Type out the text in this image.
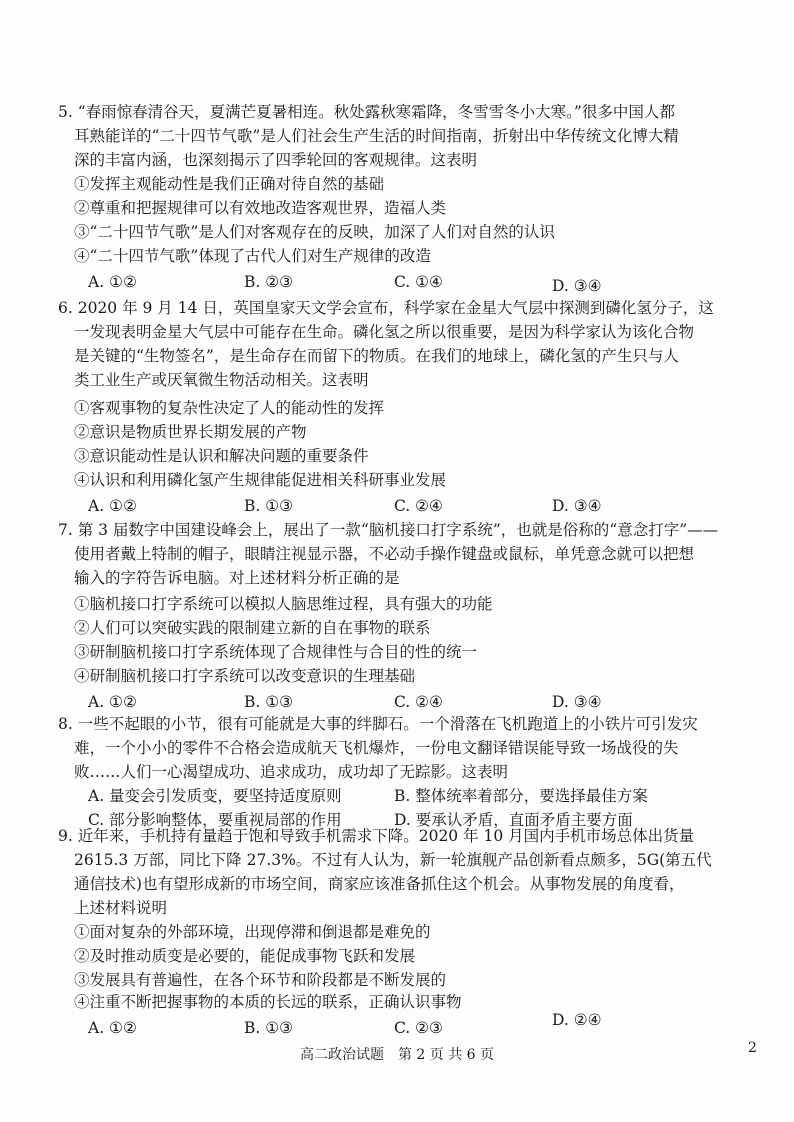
5. “春雨惊春清谷天，夏满芒夏暑相连。秋处露秋寒霜降，冬雪雪冬小大寒。”很多中国人都
耳熟能详的“二十四节气歌”是人们社会生产生活的时间指南，折射出中华传统文化博大精
深的丰富内涵，也深刻揭示了四季轮回的客观规律。这表明
①发挥主观能动性是我们正确对待自然的基础
②尊重和把握规律可以有效地改造客观世界，造福人类
③“二十四节气歌”是人们对客观存在的反映，加深了人们对自然的认识
④“二十四节气歌”体现了古代人们对生产规律的改造
A. ①②	B. ②③	C. ①④	D. ③④
6. 2020 年 9 月 14 日，英国皇家天文学会宣布，科学家在金星大气层中探测到磷化氢分子，这
一发现表明金星大气层中可能存在生命。磷化氢之所以很重要，是因为科学家认为该化合物
是关键的“生物签名”，是生命存在而留下的物质。在我们的地球上，磷化氢的产生只与人
类工业生产或厌氧微生物活动相关。这表明
①客观事物的复杂性决定了人的能动性的发挥
②意识是物质世界长期发展的产物
③意识能动性是认识和解决问题的重要条件
④认识和利用磷化氢产生规律能促进相关科研事业发展
A. ①②	B. ①③	C. ②④	D. ③④
7. 第 3 届数字中国建设峰会上，展出了一款“脑机接口打字系统”，也就是俗称的“意念打字”——
使用者戴上特制的帽子，眼睛注视显示器，不必动手操作键盘或鼠标，单凭意念就可以把想
输入的字符告诉电脑。对上述材料分析正确的是
①脑机接口打字系统可以模拟人脑思维过程，具有强大的功能
②人们可以突破实践的限制建立新的自在事物的联系
③研制脑机接口打字系统体现了合规律性与合目的性的统一
④研制脑机接口打字系统可以改变意识的生理基础
A. ①②	B. ①③	C. ②④	D. ③④
8. 一些不起眼的小节，很有可能就是大事的绊脚石。一个滑落在飞机跑道上的小铁片可引发灾
难，一个小小的零件不合格会造成航天飞机爆炸，一份电文翻译错误能导致一场战役的失
败……人们一心渴望成功、追求成功，成功却了无踪影。这表明
A. 量变会引发质变，要坚持适度原则	B. 整体统率着部分，要选择最佳方案
C. 部分影响整体，要重视局部的作用	D. 要承认矛盾，直面矛盾主要方面
9. 近年来，手机持有量趋于饱和导致手机需求下降。2020 年 10 月国内手机市场总体出货量
2615.3 万部，同比下降 27.3%。不过有人认为，新一轮旗舰产品创新看点颇多，5G(第五代
通信技术)也有望形成新的市场空间，商家应该准备抓住这个机会。从事物发展的角度看，
上述材料说明
①面对复杂的外部环境，出现停滞和倒退都是难免的
②及时推动质变是必要的，能促成事物飞跃和发展
③发展具有普遍性，在各个环节和阶段都是不断发展的
④注重不断把握事物的本质的长远的联系，正确认识事物
A. ①②	B. ①③	C. ②③	D. ②④
高二政治试题　第 2 页 共 6 页	2
